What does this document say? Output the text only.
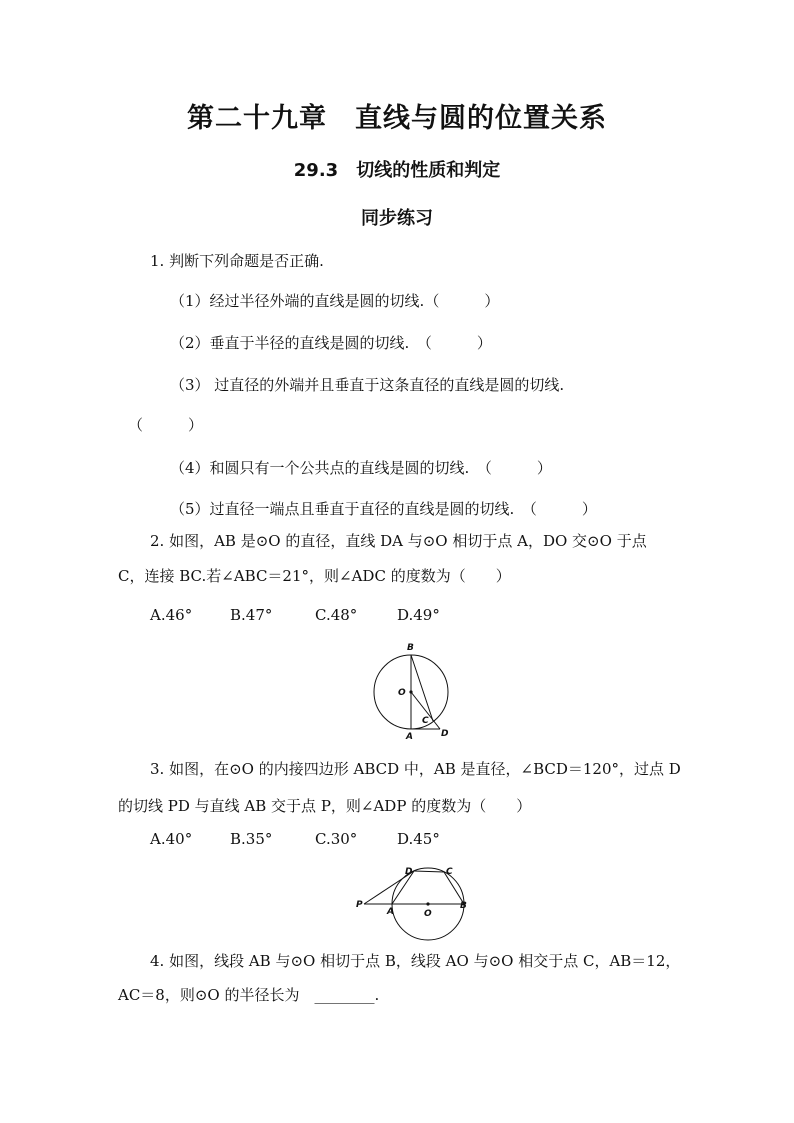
第二十九章　直线与圆的位置关系
29.3　切线的性质和判定
同步练习
1. 判断下列命题是否正确.
（1）经过半径外端的直线是圆的切线.（　　　）
（2）垂直于半径的直线是圆的切线.　（　　　）
（3） 过直径的外端并且垂直于这条直径的直线是圆的切线.
（　　　）
（4）和圆只有一个公共点的直线是圆的切线.　（　　　）
（5）过直径一端点且垂直于直径的直线是圆的切线.　（　　　）
2. 如图，AB 是⊙O 的直径，直线 DA 与⊙O 相切于点 A，DO 交⊙O 于点
C，连接 BC.若∠ABC＝21°，则∠ADC 的度数为（　　）
A.46°	B.47°	C.48°	D.49°
B
O
C
A	D
3. 如图，在⊙O 的内接四边形 ABCD 中，AB 是直径，∠BCD＝120°，过点 D
的切线 PD 与直线 AB 交于点 P，则∠ADP 的度数为（　　）
A.40°	B.35°	C.30°	D.45°
D	C
P
A	O
B
4. 如图，线段 AB 与⊙O 相切于点 B，线段 AO 与⊙O 相交于点 C，AB＝12，
AC＝8，则⊙O 的半径长为　________.
